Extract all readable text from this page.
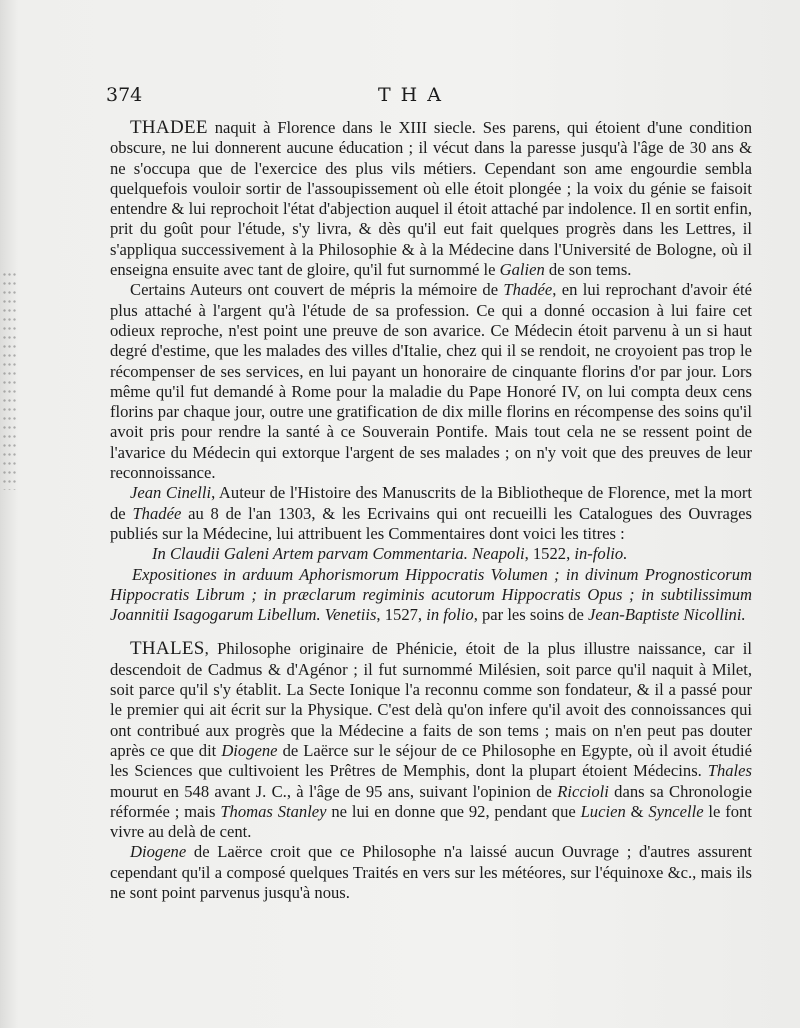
374	THA

THADEE naquit à Florence dans le XIII siecle. Ses parens, qui étoient d'une condition obscure, ne lui donnerent aucune éducation ; il vécut dans la paresse jusqu'à l'âge de 30 ans & ne s'occupa que de l'exercice des plus vils métiers. Cependant son ame engourdie sembla quelquefois vouloir sortir de l'assoupissement où elle étoit plongée ; la voix du génie se faisoit entendre & lui reprochoit l'état d'abjection auquel il étoit attaché par indolence. Il en sortit enfin, prit du goût pour l'étude, s'y livra, & dès qu'il eut fait quelques progrès dans les Lettres, il s'appliqua successivement à la Philosophie & à la Médecine dans l'Université de Bologne, où il enseigna ensuite avec tant de gloire, qu'il fut surnommé le Galien de son tems.

Certains Auteurs ont couvert de mépris la mémoire de Thadée, en lui reprochant d'avoir été plus attaché à l'argent qu'à l'étude de sa profession. Ce qui a donné occasion à lui faire cet odieux reproche, n'est point une preuve de son avarice. Ce Médecin étoit parvenu à un si haut degré d'estime, que les malades des villes d'Italie, chez qui il se rendoit, ne croyoient pas trop le récompenser de ses services, en lui payant un honoraire de cinquante florins d'or par jour. Lors même qu'il fut demandé à Rome pour la maladie du Pape Honoré IV, on lui compta deux cens florins par chaque jour, outre une gratification de dix mille florins en récompense des soins qu'il avoit pris pour rendre la santé à ce Souverain Pontife. Mais tout cela ne se ressent point de l'avarice du Médecin qui extorque l'argent de ses malades ; on n'y voit que des preuves de leur reconnoissance.

Jean Cinelli, Auteur de l'Histoire des Manuscrits de la Bibliotheque de Florence, met la mort de Thadée au 8 de l'an 1303, & les Ecrivains qui ont recueilli les Catalogues des Ouvrages publiés sur la Médecine, lui attribuent les Commentaires dont voici les titres :

In Claudii Galeni Artem parvam Commentaria. Neapoli, 1522, in-folio.

Expositiones in arduum Aphorismorum Hippocratis Volumen ; in divinum Prognosticorum Hippocratis Librum ; in præclarum regiminis acutorum Hippocratis Opus ; in subtilissimum Joannitii Isagogarum Libellum. Venetiis, 1527, in folio, par les soins de Jean-Baptiste Nicollini.

THALES, Philosophe originaire de Phénicie, étoit de la plus illustre naissance, car il descendoit de Cadmus & d'Agénor ; il fut surnommé Milésien, soit parce qu'il naquit à Milet, soit parce qu'il s'y établit. La Secte Ionique l'a reconnu comme son fondateur, & il a passé pour le premier qui ait écrit sur la Physique. C'est delà qu'on infere qu'il avoit des connoissances qui ont contribué aux progrès que la Médecine a faits de son tems ; mais on n'en peut pas douter après ce que dit Diogene de Laërce sur le séjour de ce Philosophe en Egypte, où il avoit étudié les Sciences que cultivoient les Prêtres de Memphis, dont la plupart étoient Médecins. Thales mourut en 548 avant J. C., à l'âge de 95 ans, suivant l'opinion de Riccioli dans sa Chronologie réformée ; mais Thomas Stanley ne lui en donne que 92, pendant que Lucien & Syncelle le font vivre au delà de cent.

Diogene de Laërce croit que ce Philosophe n'a laissé aucun Ouvrage ; d'autres assurent cependant qu'il a composé quelques Traités en vers sur les météores, sur l'équinoxe &c., mais ils ne sont point parvenus jusqu'à nous.
